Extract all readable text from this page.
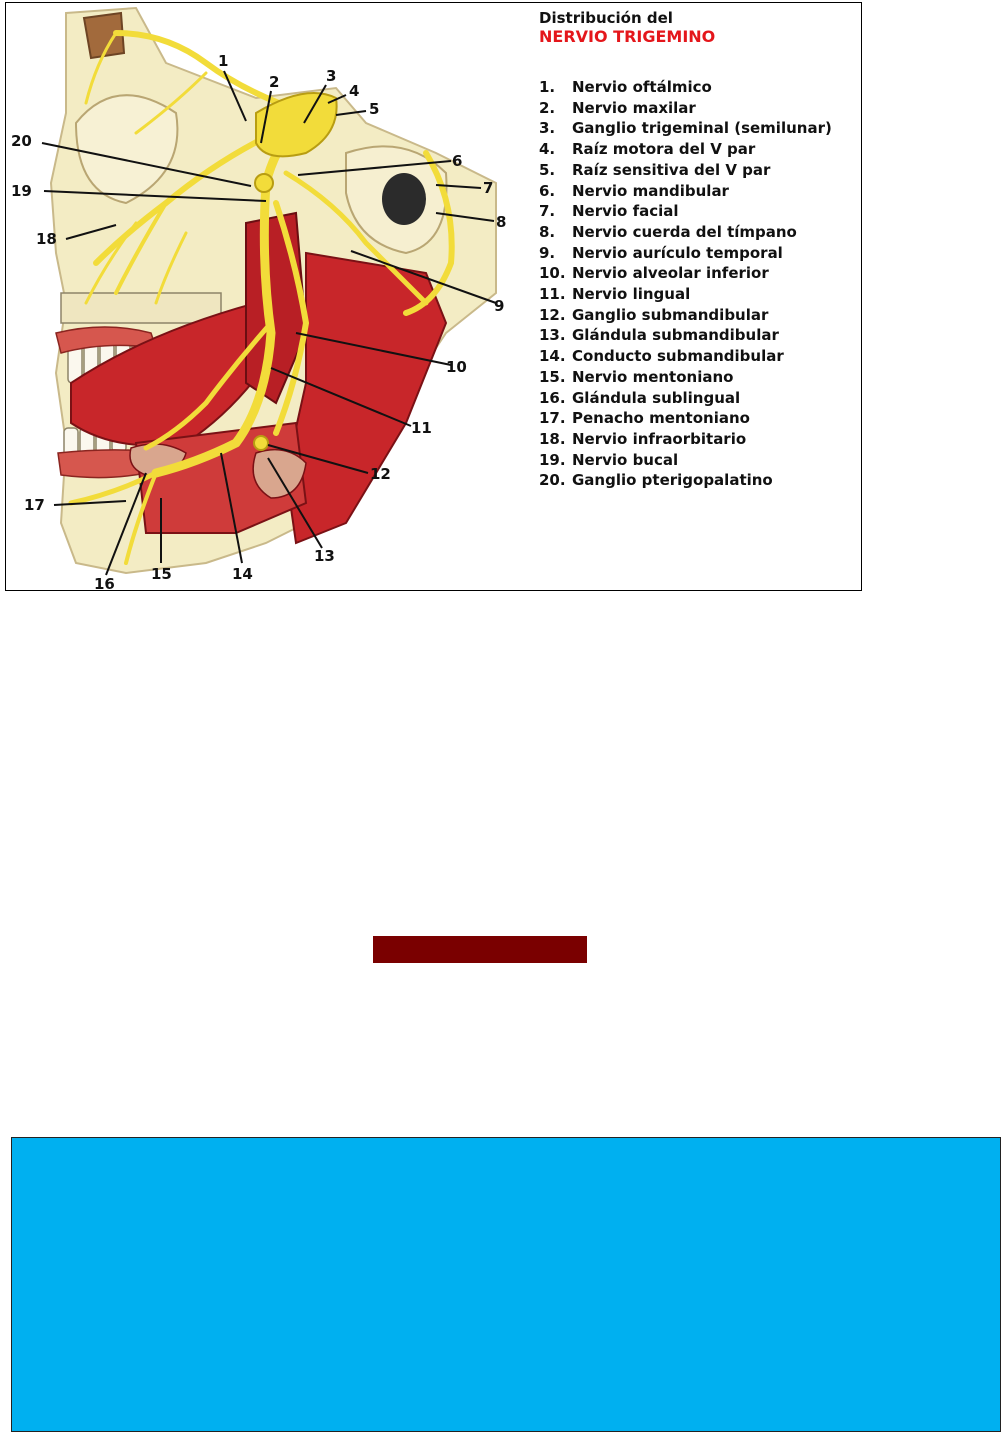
1
2	3
4
5
6
7
8
9
10
11
12
13
14
15
16
17
18
19
20
Distribución del
NERVIO TRIGEMINO
1.	Nervio oftálmico
2.	Nervio maxilar
3.	Ganglio trigeminal (semilunar)
4.	Raíz motora del V par
5.	Raíz sensitiva del V par
6.	Nervio mandibular
7.	Nervio facial
8.	Nervio cuerda del tímpano
9.	Nervio aurículo temporal
10. Nervio alveolar inferior
11. Nervio lingual
12. Ganglio submandibular
13. Glándula submandibular
14. Conducto submandibular
15. Nervio mentoniano
16. Glándula sublingual
17. Penacho mentoniano
18. Nervio infraorbitario
19. Nervio bucal
20. Ganglio pterigopalatino
